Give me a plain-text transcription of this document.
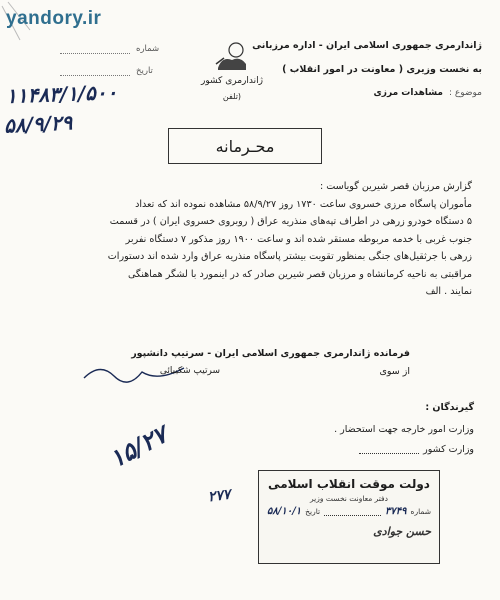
yandory.ir
شماره
تاریخ
۱۱۴۸۳/۱/۵۰۰
۵۸/۹/۲۹
ژاندارمری کشور
(تلفن
ژاندارمری جمهوری اسلامی ایران - اداره مرزبانی
به نخست وزیری ( معاونت در امور انقلاب )
موضوع :
مشاهدات مرزی
محـرمانه
گزارش مرزبان قصر شیرین گویاست :
مأموران پاسگاه مرزی خسروی ساعت ۱۷۳۰ روز ۵۸/۹/۲۷ مشاهده نموده اند که تعداد
۵ دستگاه خودرو زرهی در اطراف تپه‌های منذریه عراق ( روبروی خسروی ایران ) در قسمت
جنوب غربی با خدمه مربوطه مستقر شده اند و ساعت ۱۹۰۰ روز مذکور ۷ دستگاه نفربر
زرهی با جرثقیل‌های جنگی بمنظور تقویت بیشتر پاسگاه منذریه عراق وارد شده اند دستورات
مراقبتی به ناحیه کرمانشاه و مرزبان قصر شیرین صادر که در اینمورد با لشگر هماهنگی
نمایند . الف
فرمانده ژاندارمری جمهوری اسلامی ایران - سرتیپ دانشپور
از سوی
سرتیپ شکیبائی
گیرندگان :
وزارت امور خارجه جهت استحضار .
وزارت کشور
۱۵/۲۷
۲۷۷
دولت موقت انقلاب اسلامی
دفتر معاونت نخست وزیر
شماره
۳۷۴۹
تاریخ
۵۸/۱۰/۱
حسن جوادی
